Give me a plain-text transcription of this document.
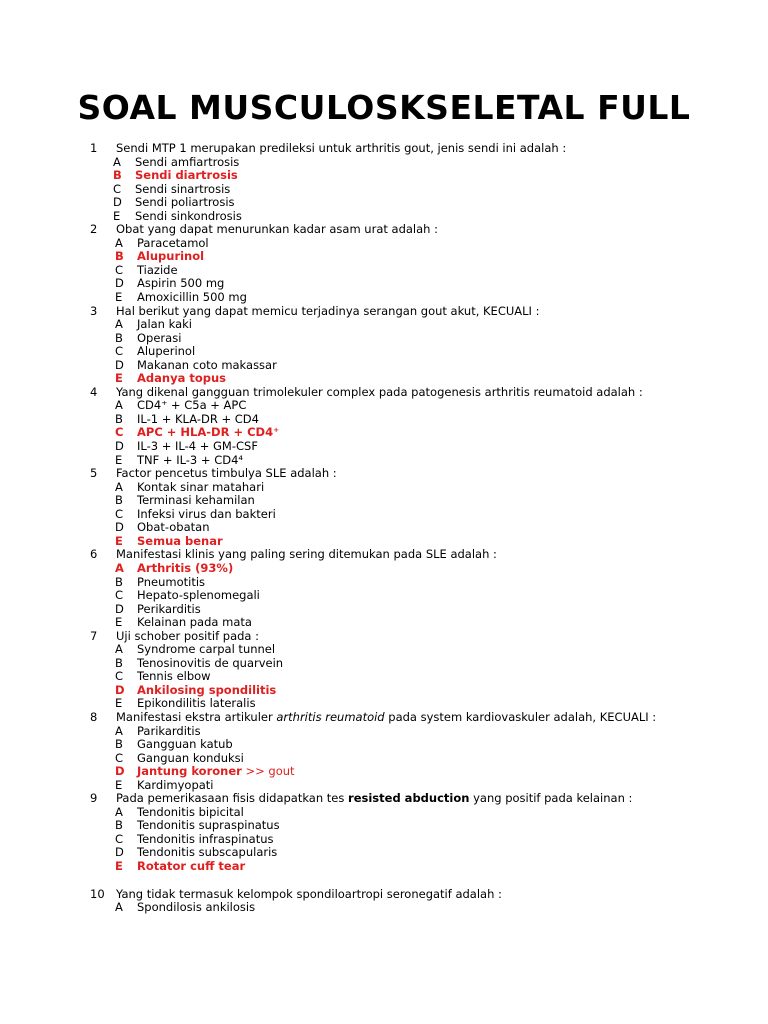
SOAL MUSCULOSKSELETAL FULL
1 Sendi MTP 1 merupakan predileksi untuk arthritis gout, jenis sendi ini adalah :
A	Sendi amfiartrosis
B	Sendi diartrosis
C	Sendi sinartrosis
D	Sendi poliartrosis
E	Sendi sinkondrosis
2 Obat yang dapat menurunkan kadar asam urat adalah :
A	Paracetamol
B	Alupurinol
C	Tiazide
D	Aspirin 500 mg
E	Amoxicillin 500 mg
3 Hal berikut yang dapat memicu terjadinya serangan gout akut, KECUALI :
A	Jalan kaki
B	Operasi
C	Aluperinol
D	Makanan coto makassar
E	Adanya topus
4 Yang dikenal gangguan trimolekuler complex pada patogenesis arthritis reumatoid adalah :
A	CD4⁺ + C5a + APC
B	IL-1 + KLA-DR + CD4
C	APC + HLA-DR + CD4⁺
D	IL-3 + IL-4 + GM-CSF
E	TNF + IL-3 + CD4⁴
5 Factor pencetus timbulya SLE adalah :
A	Kontak sinar matahari
B	Terminasi kehamilan
C	Infeksi virus dan bakteri
D	Obat-obatan
E	Semua benar
6 Manifestasi klinis yang paling sering ditemukan pada SLE adalah :
A	Arthritis (93%)
B	Pneumotitis
C	Hepato-splenomegali
D	Perikarditis
E	Kelainan pada mata
7 Uji schober positif pada :
A	Syndrome carpal tunnel
B	Tenosinovitis de quarvein
C	Tennis elbow
D	Ankilosing spondilitis
E	Epikondilitis lateralis
8 Manifestasi ekstra artikuler arthritis reumatoid pada system kardiovaskuler adalah, KECUALI :
A	Parikarditis
B	Gangguan katub
C	Ganguan konduksi
D	Jantung koroner >> gout
E	Kardimyopati
9 Pada pemerikasaan fisis didapatkan tes resisted abduction yang positif pada kelainan :
A	Tendonitis bipicital
B	Tendonitis supraspinatus
C	Tendonitis infraspinatus
D	Tendonitis subscapularis
E	Rotator cuff tear
10 Yang tidak termasuk kelompok spondiloartropi seronegatif adalah :
A	Spondilosis ankilosis
